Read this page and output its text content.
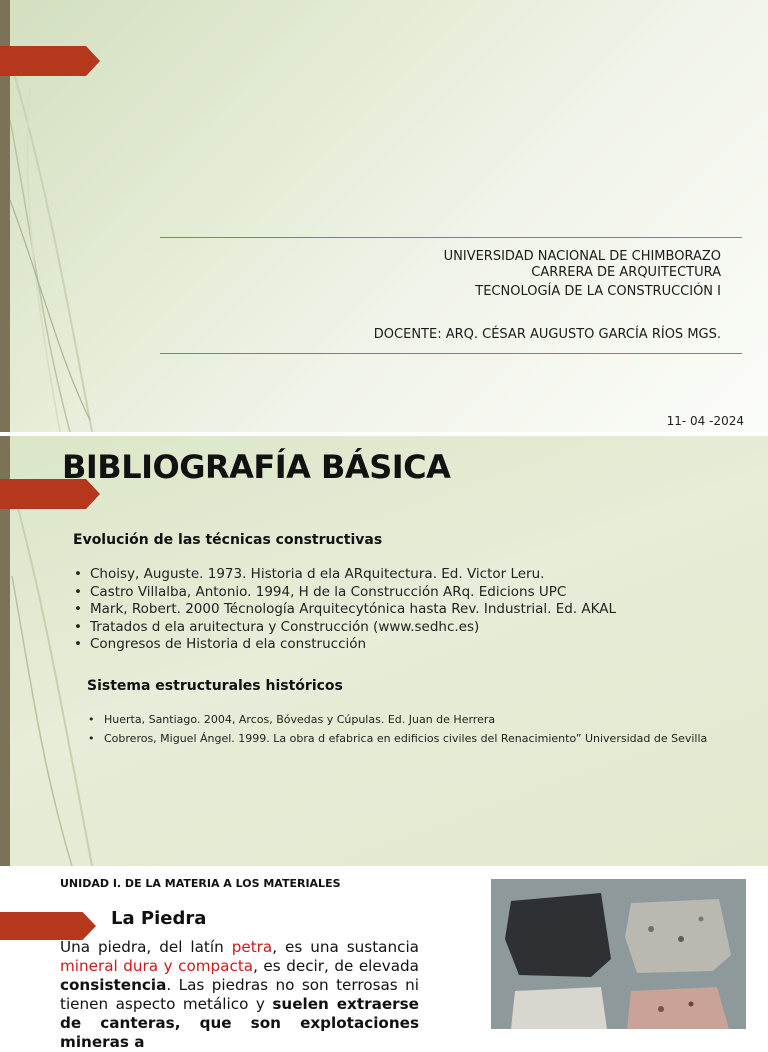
UNIVERSIDAD NACIONAL DE CHIMBORAZO
CARRERA DE ARQUITECTURA
TECNOLOGÍA DE LA CONSTRUCCIÓN I
DOCENTE: ARQ. CÉSAR AUGUSTO GARCÍA RÍOS MGS.
11- 04 -2024
BIBLIOGRAFÍA BÁSICA
Evolución de las técnicas constructivas
• Choisy, Auguste. 1973. Historia d ela ARquitectura. Ed. Victor Leru.
• Castro Villalba, Antonio. 1994, H de la Construcción ARq. Edicions UPC
• Mark, Robert. 2000 Técnología Arquitecytónica hasta Rev. Industrial. Ed. AKAL
• Tratados d ela aruitectura y Construcción (www.sedhc.es)
• Congresos de Historia d ela construcción
Sistema estructurales históricos
• Huerta, Santiago. 2004, Arcos, Bóvedas y Cúpulas. Ed. Juan de Herrera
• Cobreros, Miguel Ángel. 1999. La obra d efabrica en edificios civiles del Renacimiento” Universidad de Sevilla
UNIDAD I. DE LA MATERIA A LOS MATERIALES
La Piedra

Una piedra, del latín petra, es una sustancia mineral dura y compacta, es decir, de elevada consistencia. Las piedras no son terrosas ni tienen aspecto metálico y suelen extraerse de canteras, que son explotaciones mineras a
